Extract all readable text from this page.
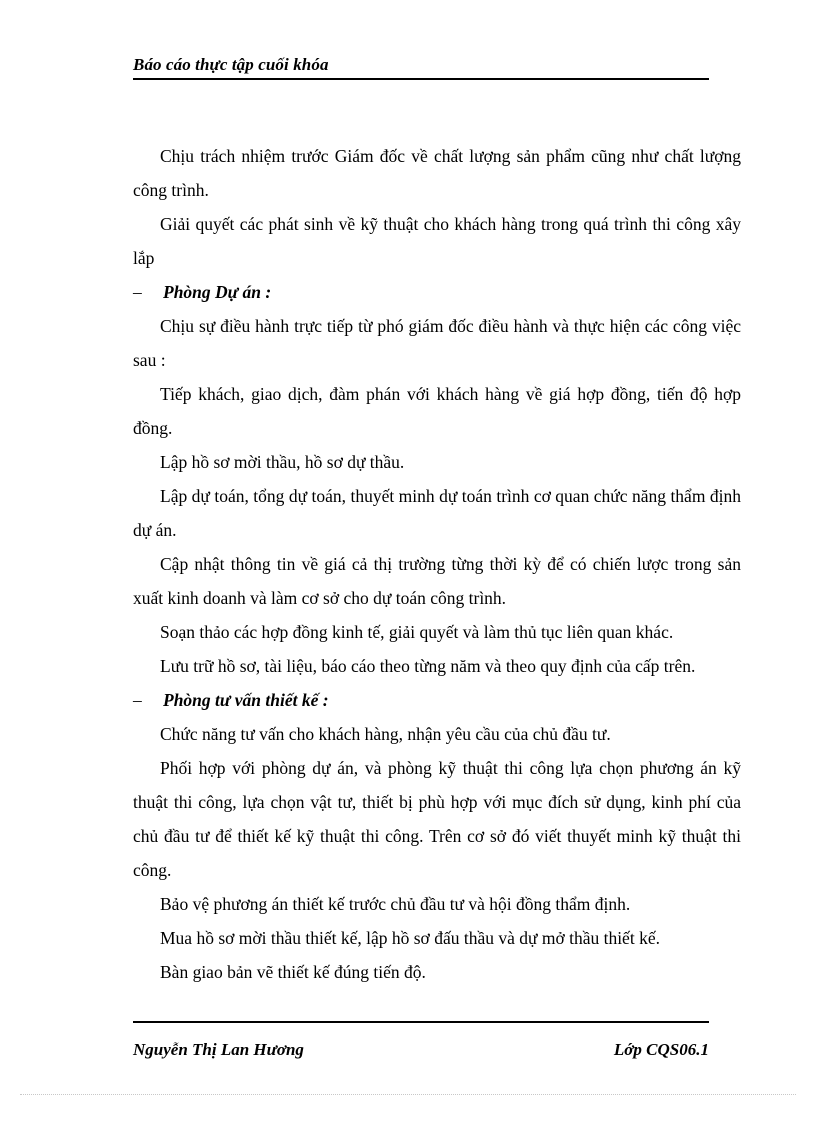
Báo cáo thực tập cuối khóa

Chịu trách nhiệm trước Giám đốc về chất lượng sản phẩm cũng như chất lượng công trình.

Giải quyết các phát sinh về kỹ thuật cho khách hàng trong quá trình thi công xây lắp

–	Phòng Dự án :

Chịu sự điều hành trực tiếp từ phó giám đốc điều hành và thực hiện các công việc sau :

Tiếp khách, giao dịch, đàm phán với khách hàng về giá hợp đồng, tiến độ hợp đồng.

Lập hồ sơ mời thầu, hồ sơ dự thầu.

Lập dự toán, tổng dự toán, thuyết minh dự toán trình cơ quan chức năng thẩm định dự án.

Cập nhật thông tin về giá cả thị trường từng thời kỳ để có chiến lược trong sản xuất kinh doanh và làm cơ sở cho dự toán công trình.

Soạn thảo các hợp đồng kinh tế, giải quyết và làm thủ tục liên quan khác.

Lưu trữ hồ sơ, tài liệu, báo cáo theo từng năm và theo quy định của cấp trên.

–	Phòng tư vấn thiết kế :

Chức năng tư vấn cho khách hàng, nhận yêu cầu của chủ đầu tư.

Phối hợp với phòng dự án, và phòng kỹ thuật thi công lựa chọn phương án kỹ thuật thi công, lựa chọn vật tư, thiết bị phù hợp với mục đích sử dụng, kinh phí của chủ đầu tư để thiết kế kỹ thuật thi công. Trên cơ sở đó viết thuyết minh kỹ thuật thi công.

Bảo vệ phương án thiết kế trước chủ đầu tư và hội đồng thẩm định.

Mua hồ sơ mời thầu thiết kế, lập hồ sơ đấu thầu và dự mở thầu thiết kế.

Bàn giao bản vẽ thiết kế đúng tiến độ.

Nguyễn Thị Lan Hương	Lớp CQS06.1
